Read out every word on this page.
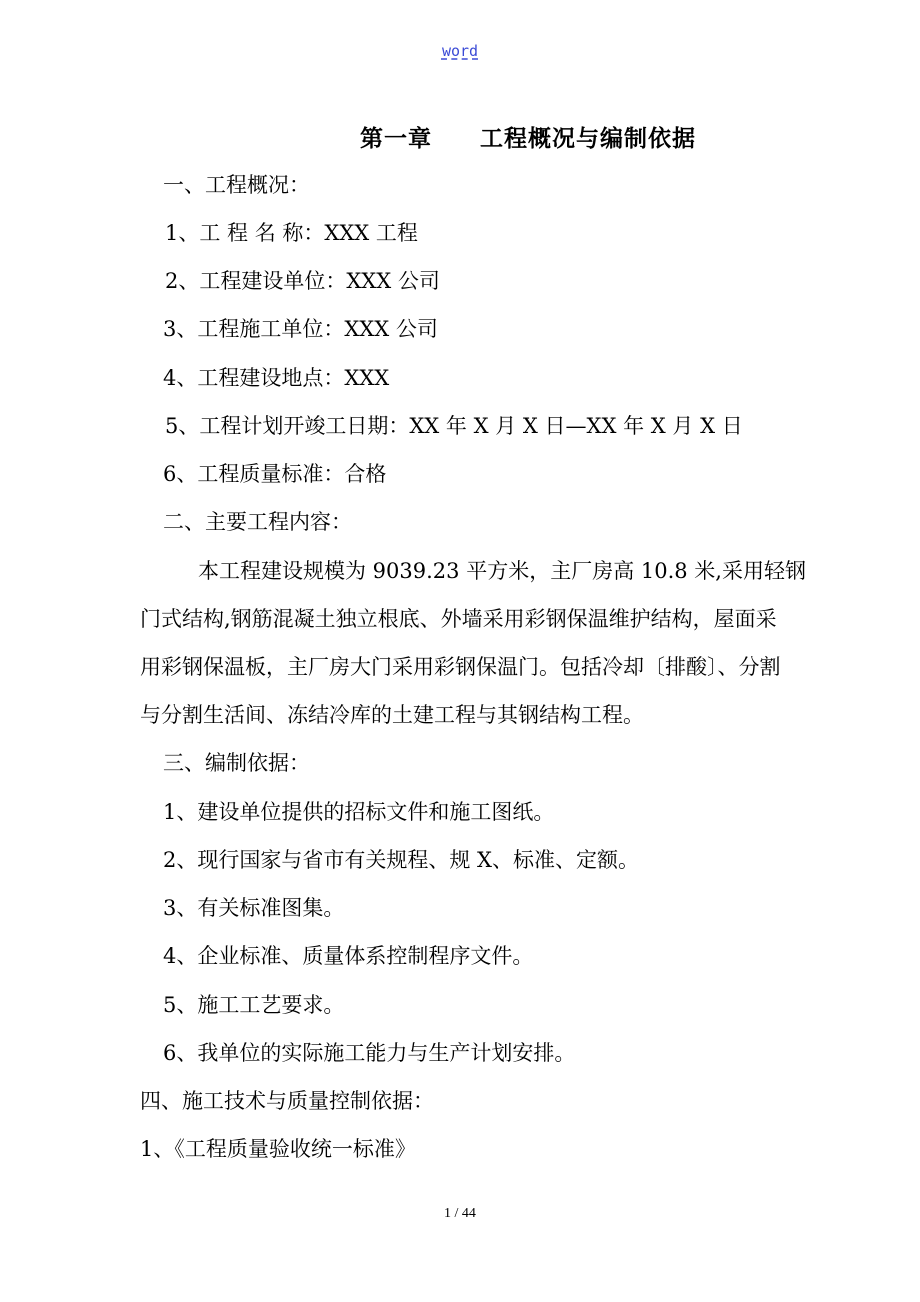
word
第一章　　工程概况与编制依据
一、工程概况：
1、工 程 名 称：XXX 工程
2、工程建设单位：XXX 公司
3、工程施工单位：XXX 公司
4、工程建设地点：XXX
5、工程计划开竣工日期：XX 年 X 月 X 日—XX 年 X 月 X 日
6、工程质量标准：合格
二、主要工程内容：
本工程建设规模为 9039.23 平方米，主厂房高 10.8 米,采用轻钢
门式结构,钢筋混凝土独立根底、外墙采用彩钢保温维护结构，屋面采
用彩钢保温板，主厂房大门采用彩钢保温门。包括冷却〔排酸〕、分割
与分割生活间、冻结冷库的土建工程与其钢结构工程。
三、编制依据：
1、建设单位提供的招标文件和施工图纸。
2、现行国家与省市有关规程、规 X、标准、定额。
3、有关标准图集。
4、企业标准、质量体系控制程序文件。
5、施工工艺要求。
6、我单位的实际施工能力与生产计划安排。
四、施工技术与质量控制依据：
1、《工程质量验收统一标准》
1 / 44
